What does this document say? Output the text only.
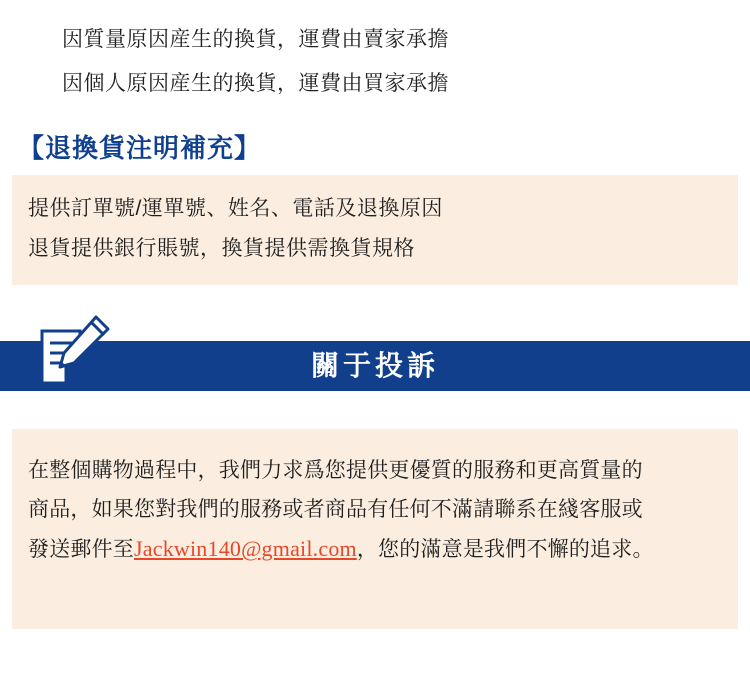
因質量原因産生的換貨，運費由賣家承擔
因個人原因産生的換貨，運費由買家承擔
【退換貨注明補充】
提供訂單號/運單號、姓名、電話及退換原因
退貨提供銀行賬號，換貨提供需換貨規格
關于投訴
在整個購物過程中，我們力求爲您提供更優質的服務和更高質量的
商品，如果您對我們的服務或者商品有任何不滿請聯系在綫客服或
發送郵件至Jackwin140@gmail.com，您的滿意是我們不懈的追求。
